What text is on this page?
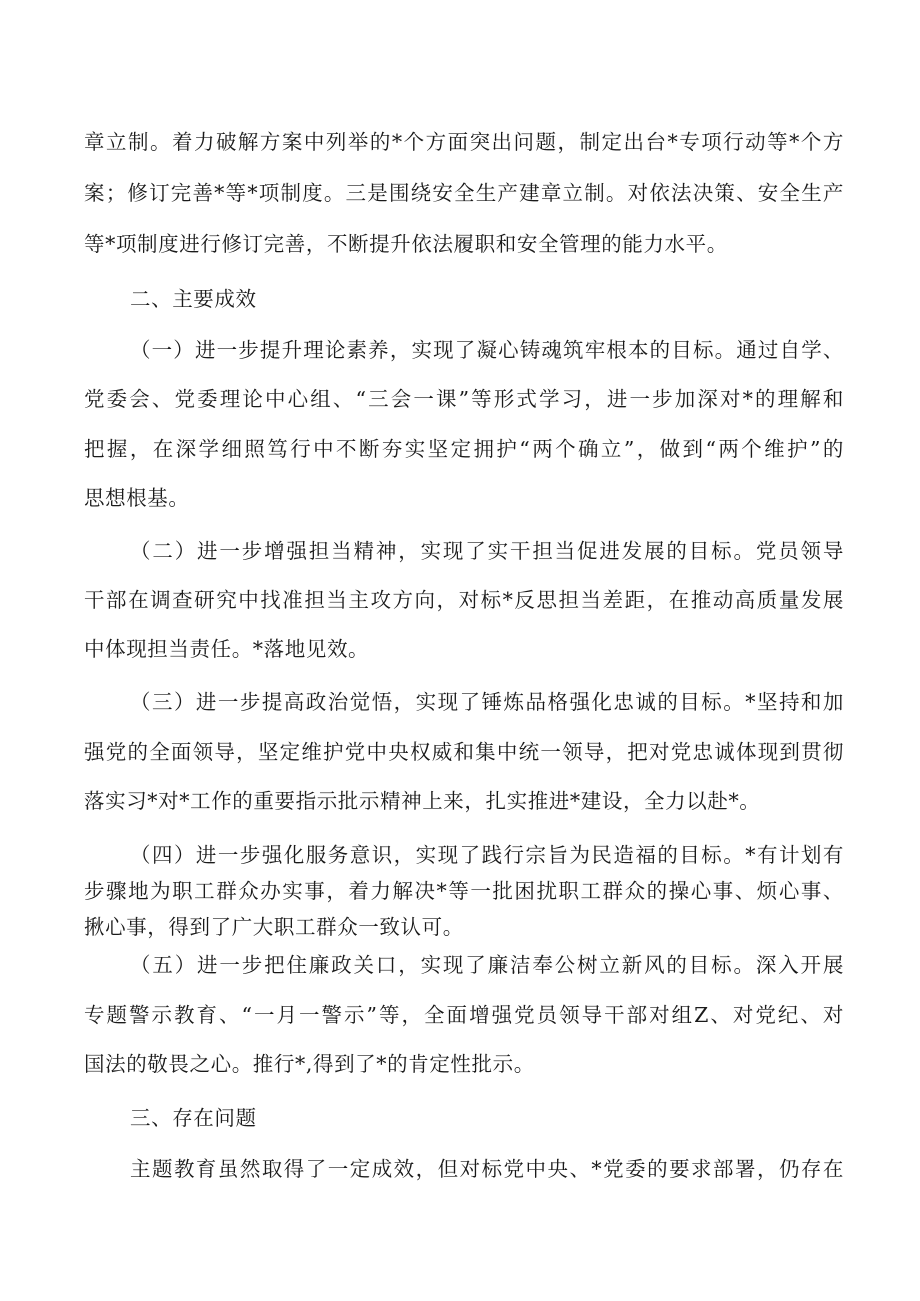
章立制。着力破解方案中列举的*个方面突出问题，制定出台*专项行动等*个方
案；修订完善*等*项制度。三是围绕安全生产建章立制。对依法决策、安全生产
等*项制度进行修订完善，不断提升依法履职和安全管理的能力水平。
二、主要成效
（一）进一步提升理论素养，实现了凝心铸魂筑牢根本的目标。通过自学、
党委会、党委理论中心组、“三会一课”等形式学习，进一步加深对*的理解和
把握，在深学细照笃行中不断夯实坚定拥护“两个确立”，做到“两个维护”的
思想根基。
（二）进一步增强担当精神，实现了实干担当促进发展的目标。党员领导
干部在调查研究中找准担当主攻方向，对标*反思担当差距，在推动高质量发展
中体现担当责任。*落地见效。
（三）进一步提高政治觉悟，实现了锤炼品格强化忠诚的目标。*坚持和加
强党的全面领导，坚定维护党中央权威和集中统一领导，把对党忠诚体现到贯彻
落实习*对*工作的重要指示批示精神上来，扎实推进*建设，全力以赴*。
（四）进一步强化服务意识，实现了践行宗旨为民造福的目标。*有计划有
步骤地为职工群众办实事，着力解决*等一批困扰职工群众的操心事、烦心事、
揪心事，得到了广大职工群众一致认可。
（五）进一步把住廉政关口，实现了廉洁奉公树立新风的目标。深入开展
专题警示教育、“一月一警示”等，全面增强党员领导干部对组Z、对党纪、对
国法的敬畏之心。推行*,得到了*的肯定性批示。
三、存在问题
主题教育虽然取得了一定成效，但对标党中央、*党委的要求部署，仍存在
